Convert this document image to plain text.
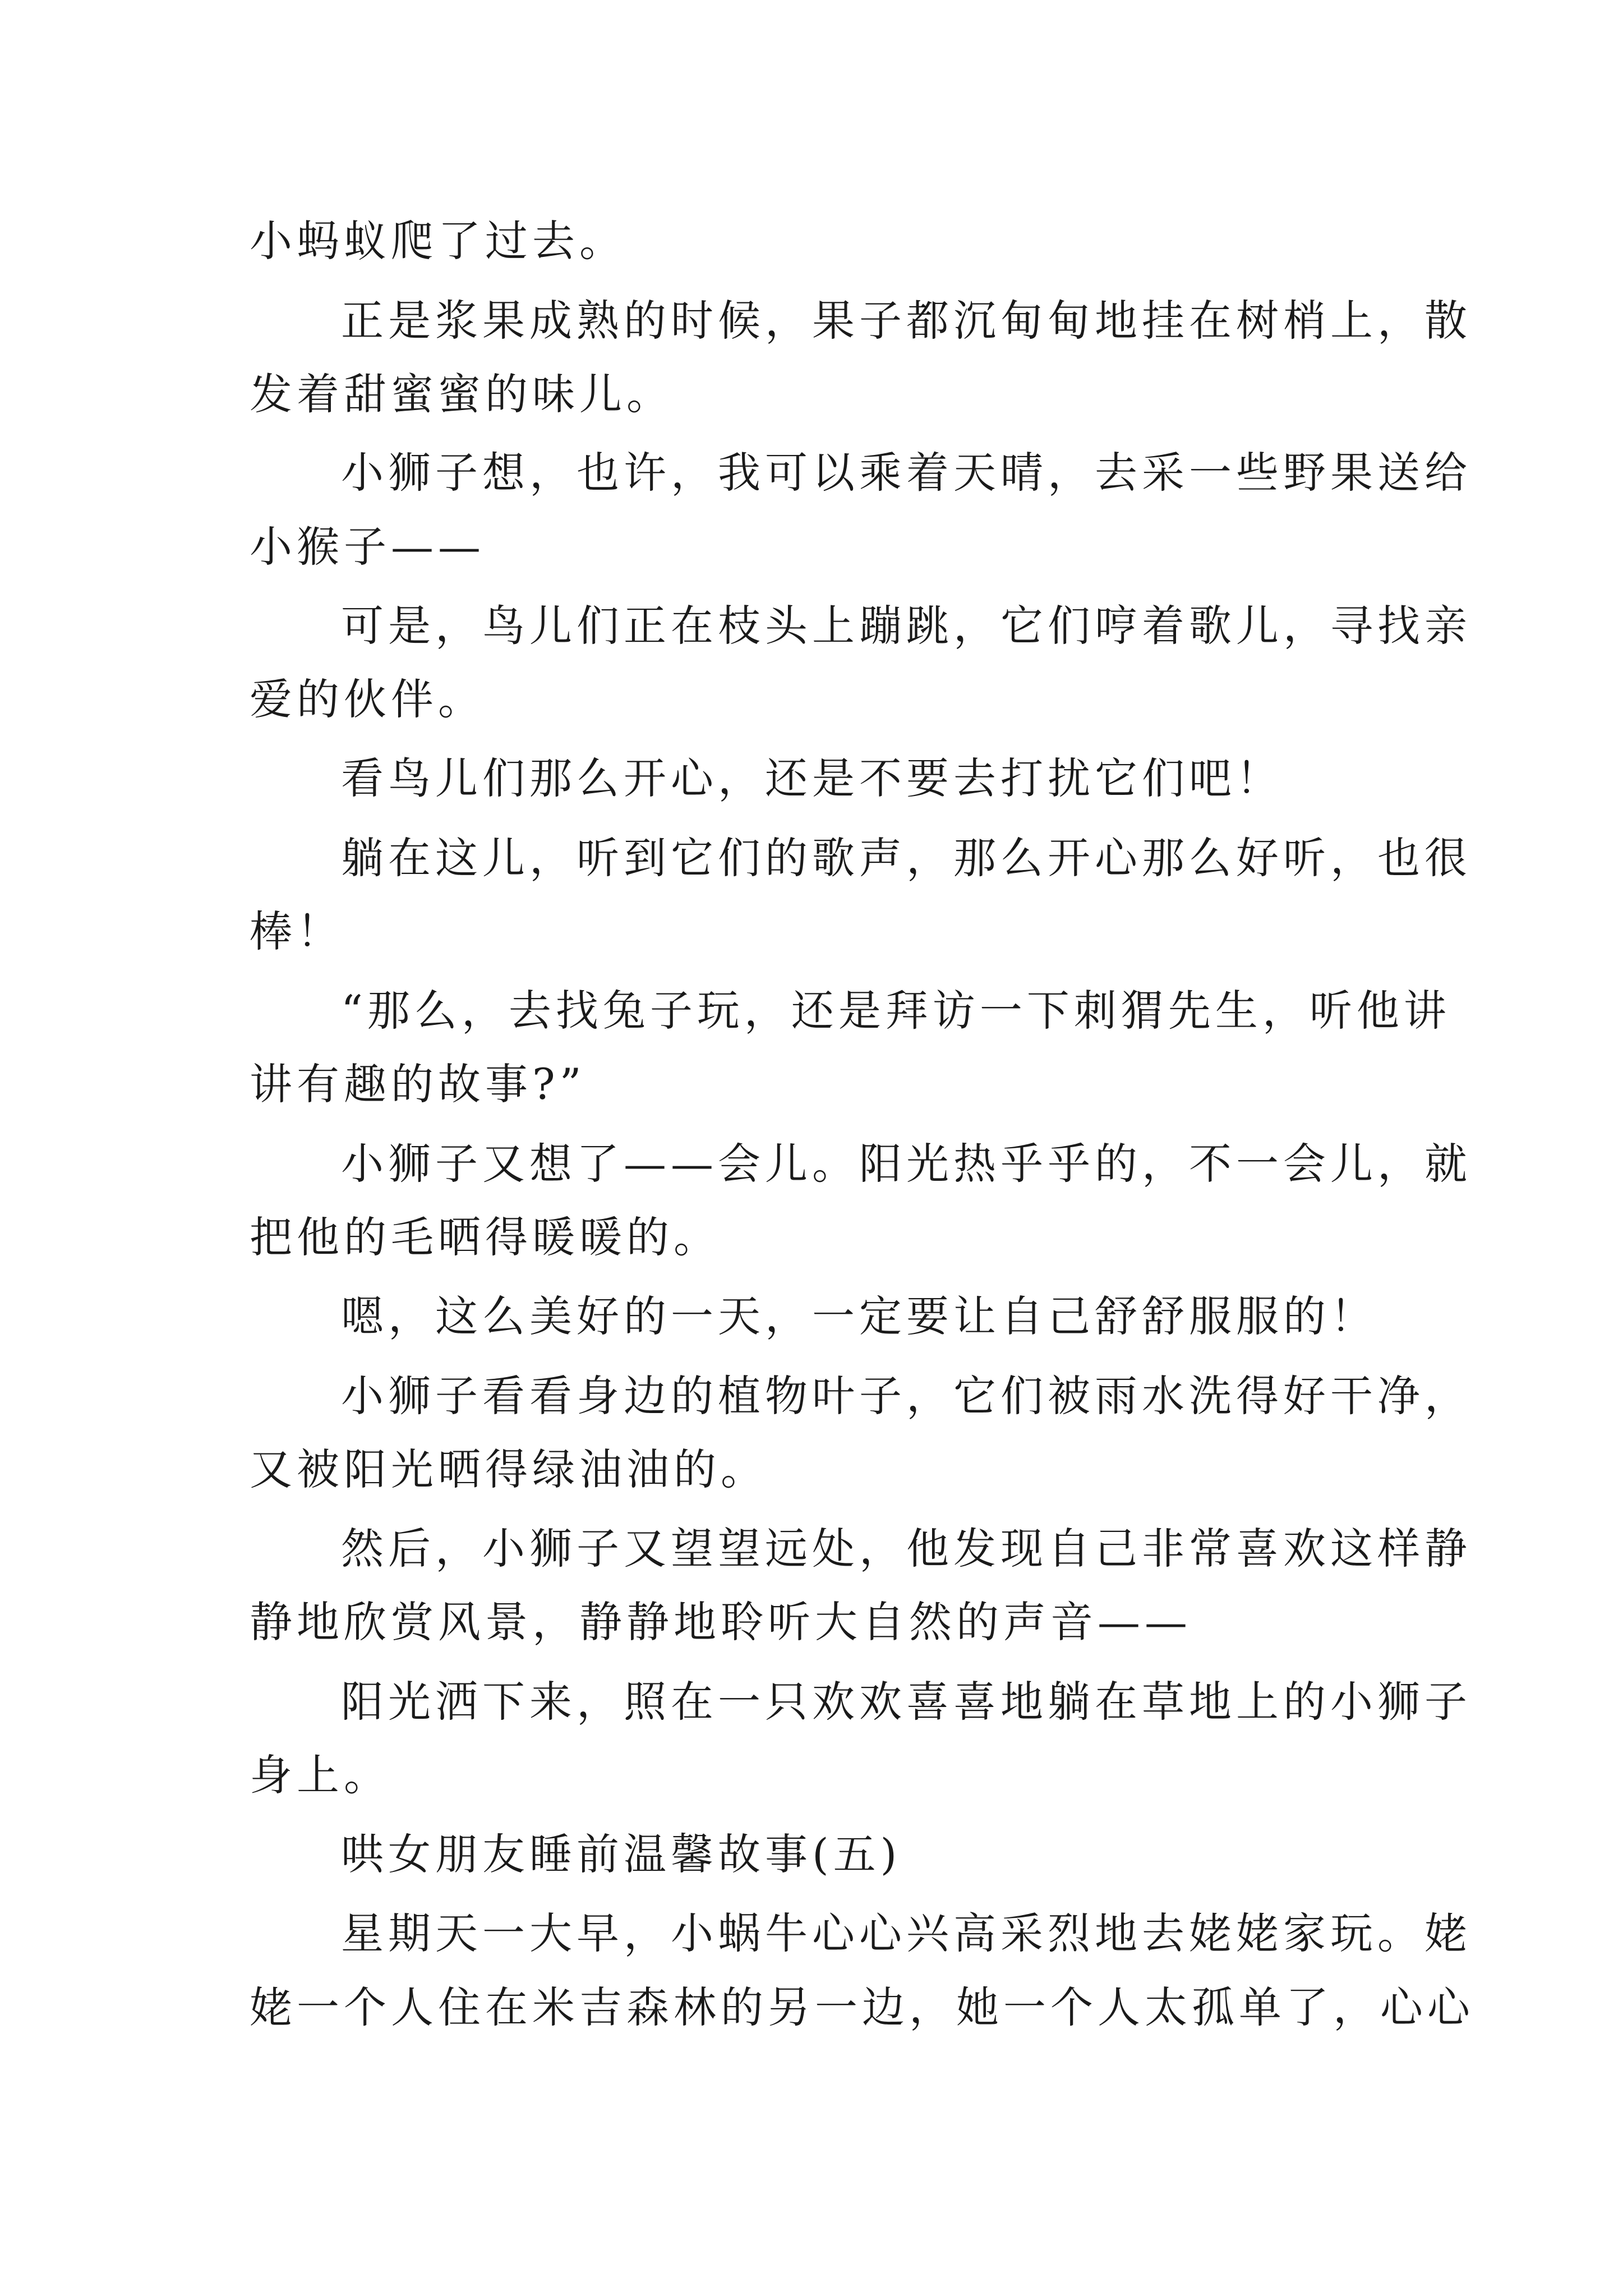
小蚂蚁爬了过去。
正是浆果成熟的时候，果子都沉甸甸地挂在树梢上，散
发着甜蜜蜜的味儿。
小狮子想，也许，我可以乘着天晴，去采一些野果送给
小猴子——
可是，鸟儿们正在枝头上蹦跳，它们哼着歌儿，寻找亲
爱的伙伴。
看鸟儿们那么开心，还是不要去打扰它们吧！
躺在这儿，听到它们的歌声，那么开心那么好听，也很
棒！
“那么，去找兔子玩，还是拜访一下刺猬先生，听他讲
讲有趣的故事?”
小狮子又想了——会儿。阳光热乎乎的，不一会儿，就
把他的毛晒得暖暖的。
嗯，这么美好的一天，一定要让自己舒舒服服的！
小狮子看看身边的植物叶子，它们被雨水洗得好干净，
又被阳光晒得绿油油的。
然后，小狮子又望望远处，他发现自己非常喜欢这样静
静地欣赏风景，静静地聆听大自然的声音——
阳光洒下来，照在一只欢欢喜喜地躺在草地上的小狮子
身上。
哄女朋友睡前温馨故事(五)
星期天一大早，小蜗牛心心兴高采烈地去姥姥家玩。姥
姥一个人住在米吉森林的另一边，她一个人太孤单了，心心
